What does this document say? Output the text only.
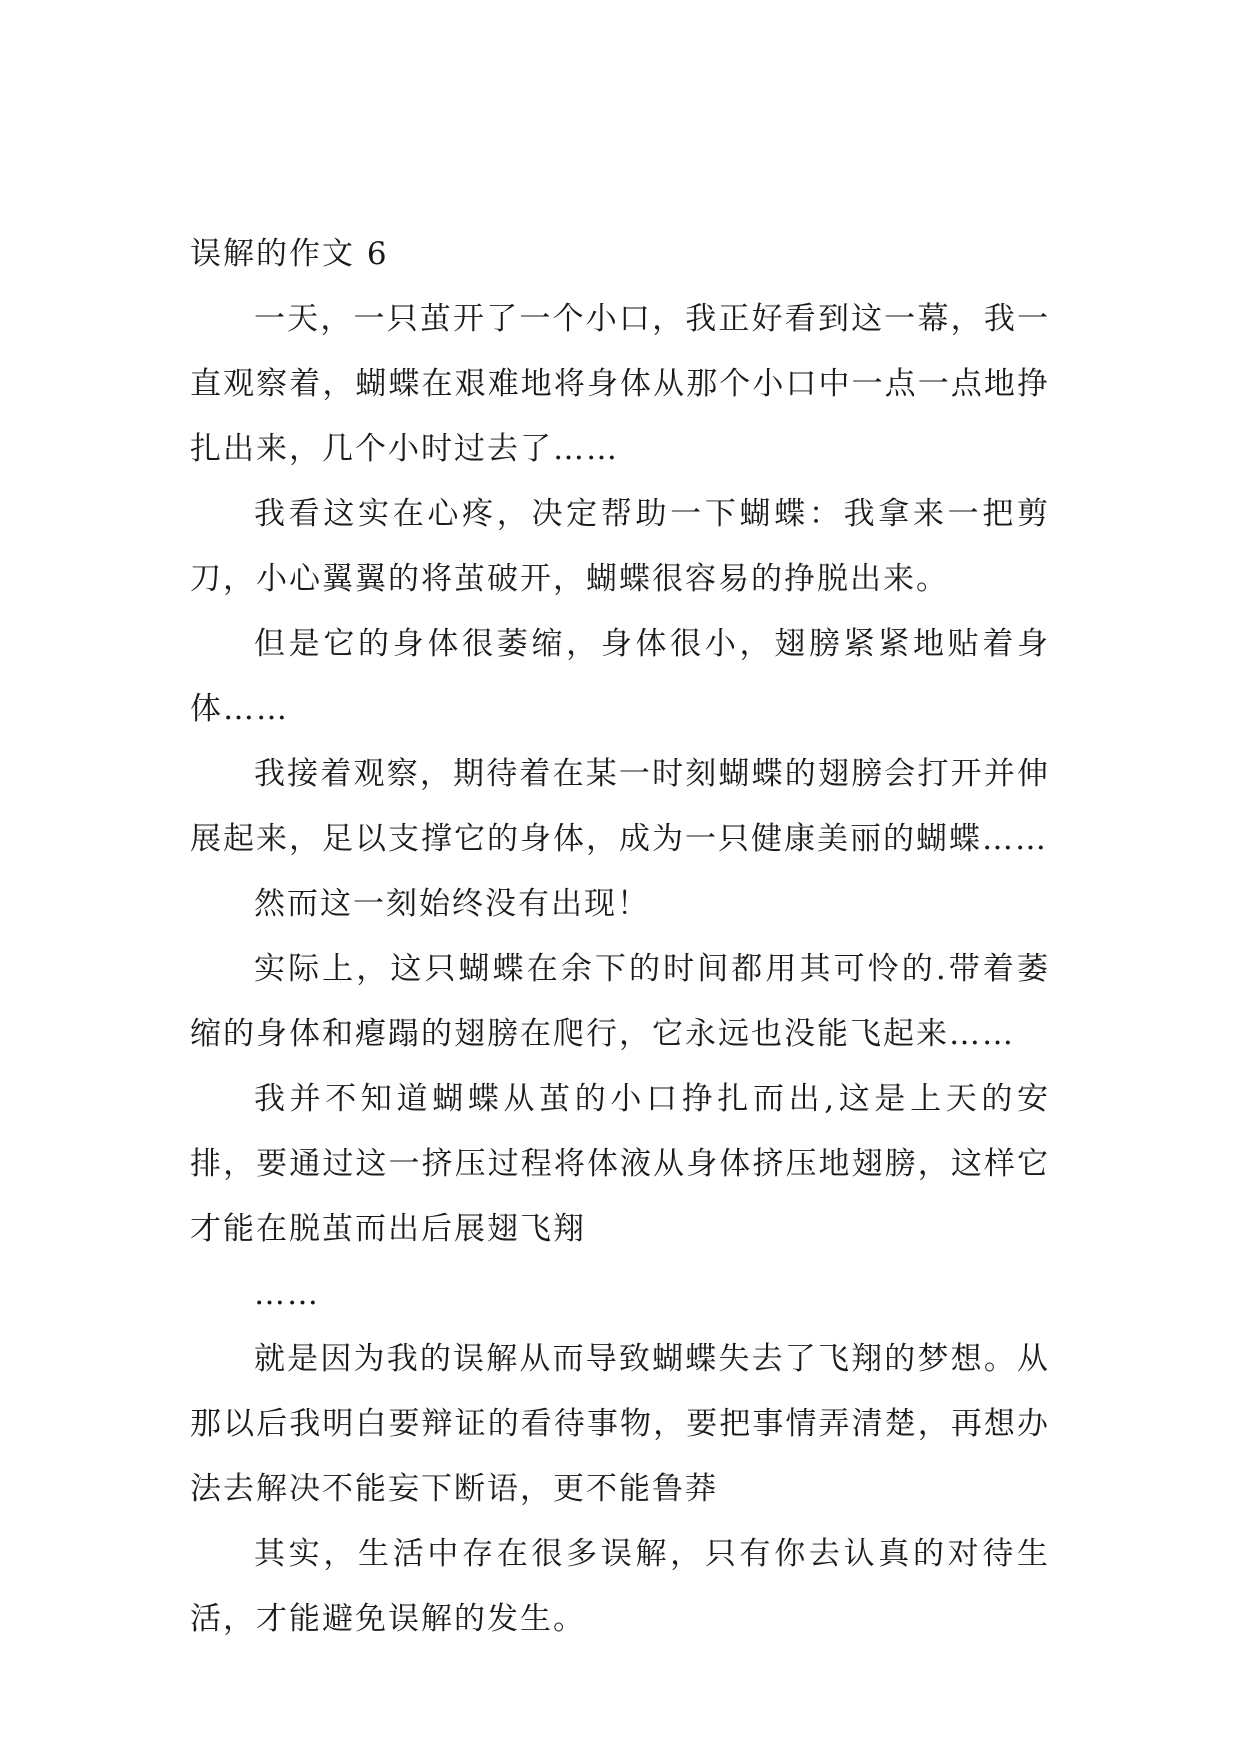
误解的作文 6

一天，一只茧开了一个小口，我正好看到这一幕，我一直观察着，蝴蝶在艰难地将身体从那个小口中一点一点地挣扎出来，几个小时过去了……

我看这实在心疼，决定帮助一下蝴蝶：我拿来一把剪刀，小心翼翼的将茧破开，蝴蝶很容易的挣脱出来。

但是它的身体很萎缩，身体很小，翅膀紧紧地贴着身体……

我接着观察，期待着在某一时刻蝴蝶的翅膀会打开并伸展起来，足以支撑它的身体，成为一只健康美丽的蝴蝶……

然而这一刻始终没有出现！

实际上，这只蝴蝶在余下的时间都用其可怜的.带着萎缩的身体和瘪蹋的翅膀在爬行，它永远也没能飞起来……

我并不知道蝴蝶从茧的小口挣扎而出,这是上天的安排，要通过这一挤压过程将体液从身体挤压地翅膀，这样它才能在脱茧而出后展翅飞翔

……

就是因为我的误解从而导致蝴蝶失去了飞翔的梦想。从那以后我明白要辩证的看待事物，要把事情弄清楚，再想办法去解决不能妄下断语，更不能鲁莽

其实，生活中存在很多误解，只有你去认真的对待生活，才能避免误解的发生。
